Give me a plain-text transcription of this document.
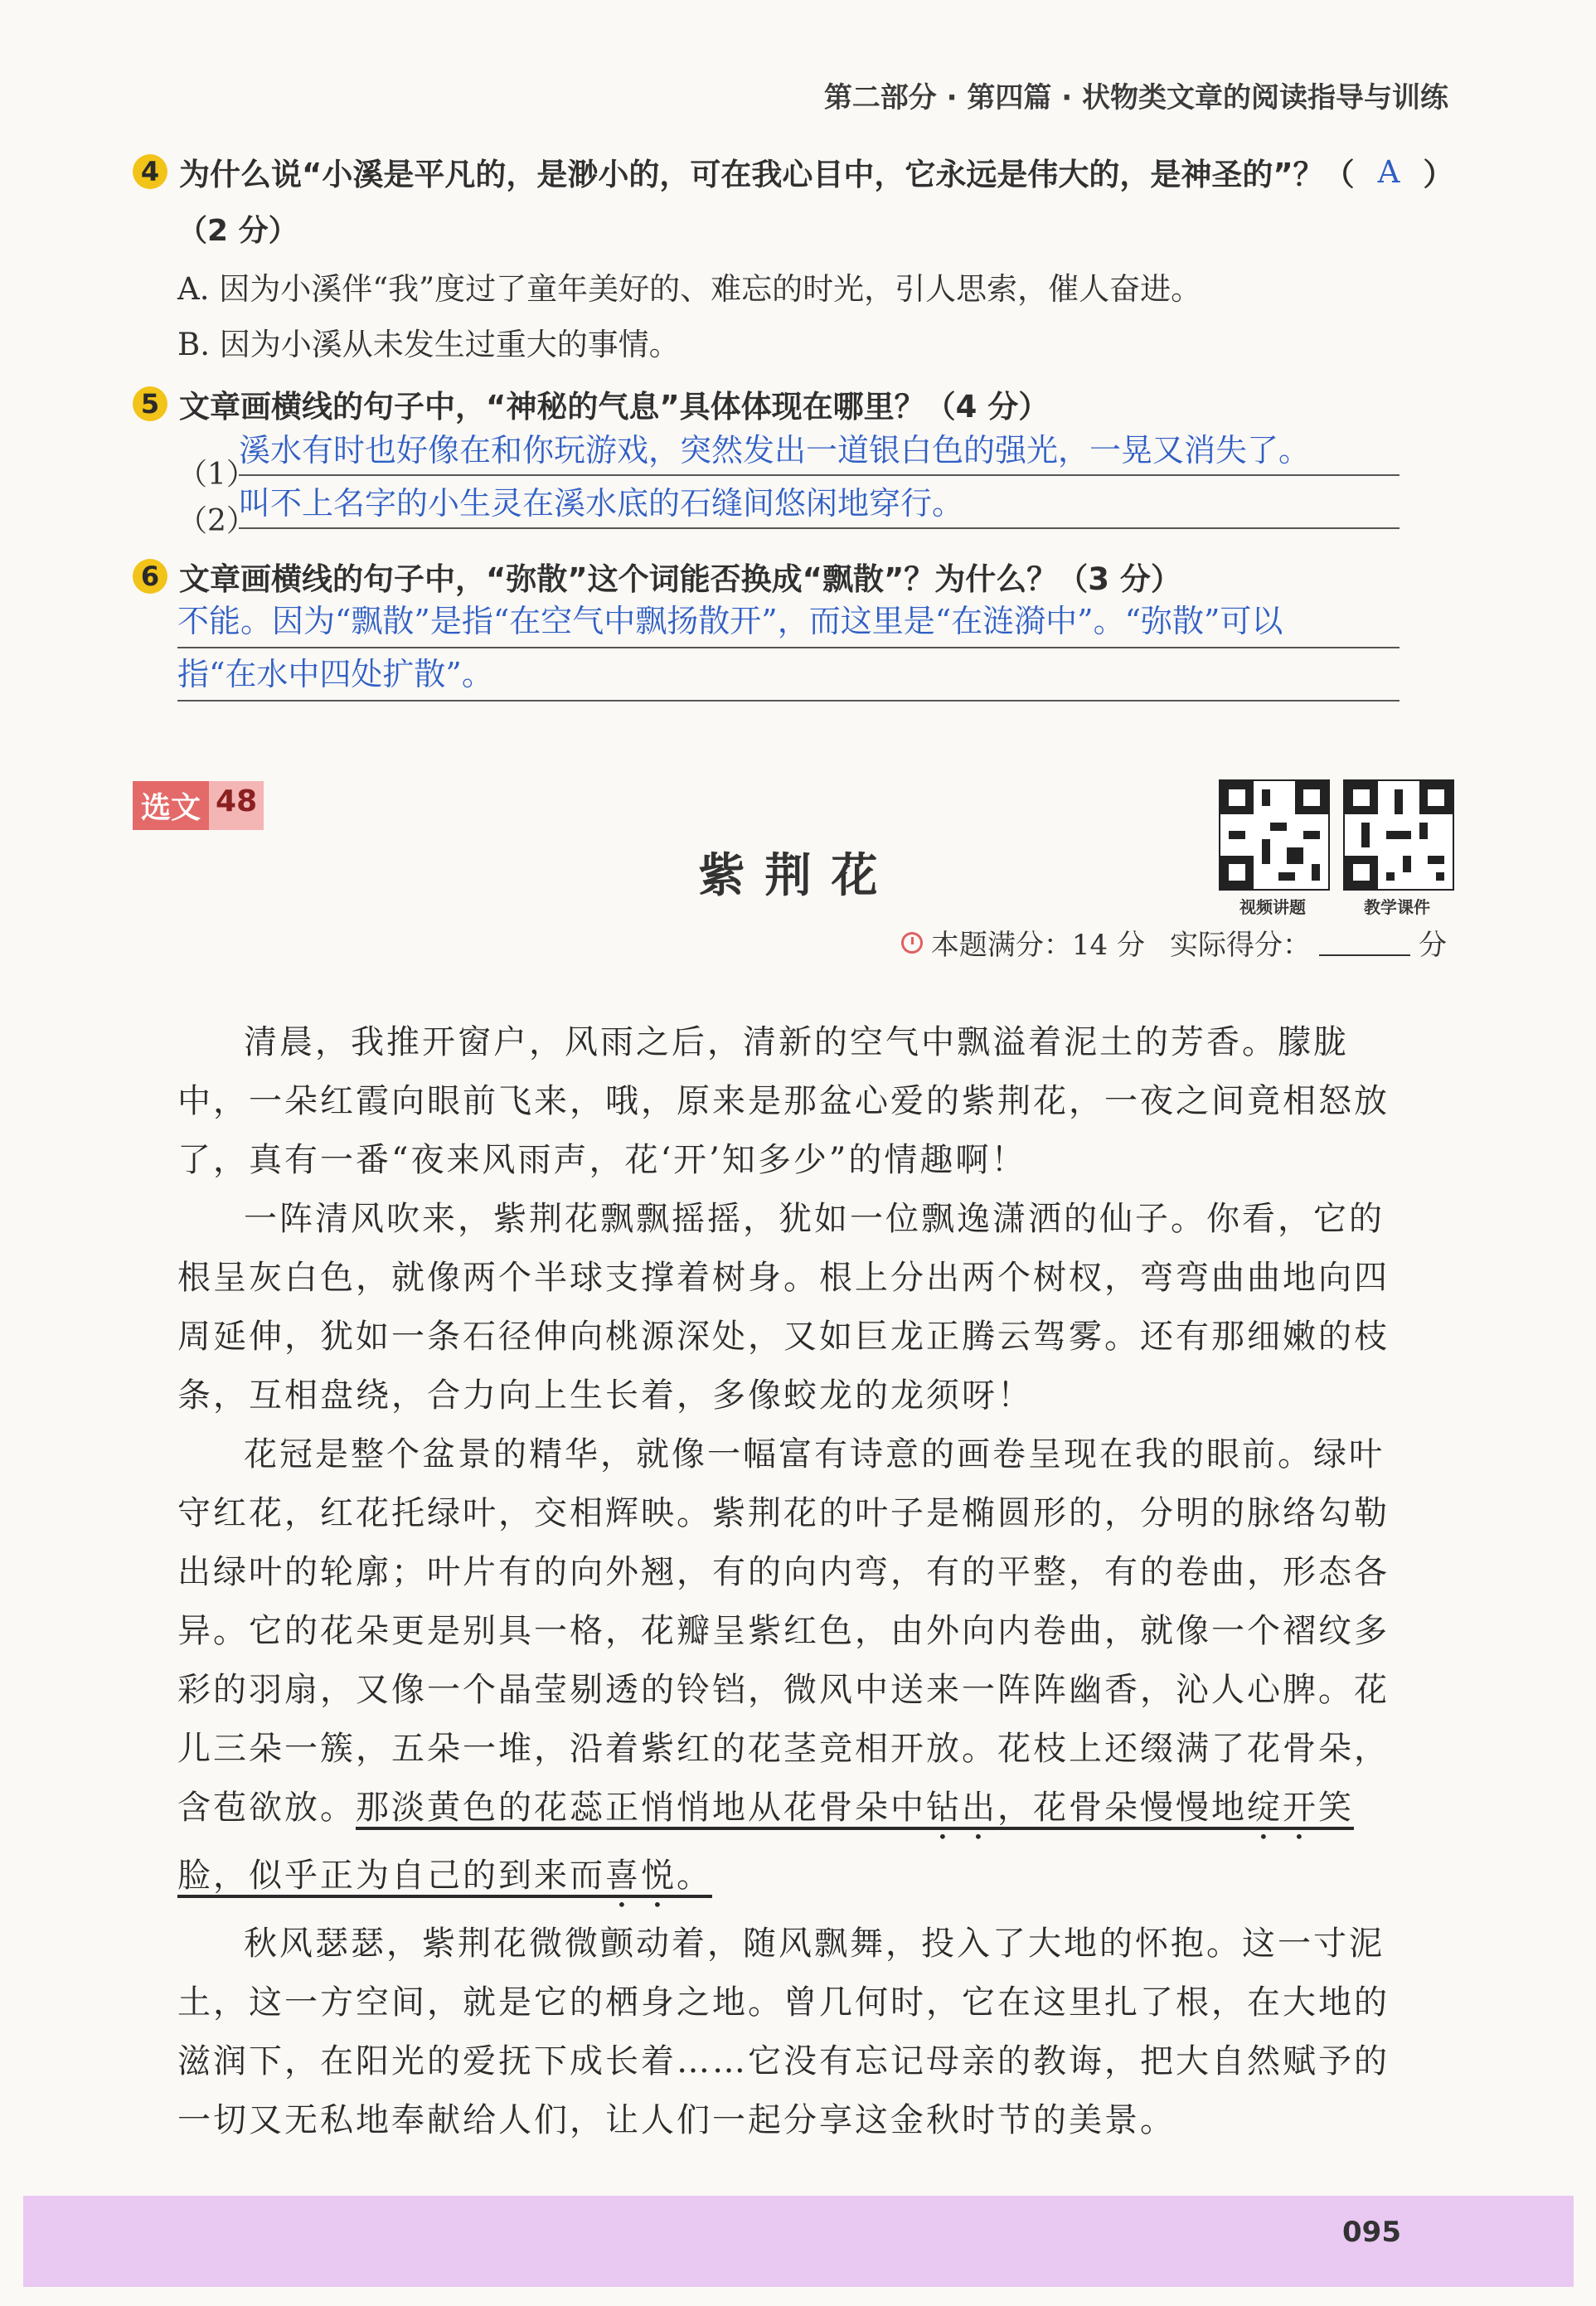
第二部分 · 第四篇 · 状物类文章的阅读指导与训练
4 为什么说“小溪是平凡的，是渺小的，可在我心目中，它永远是伟大的，是神圣的”？（ A ）
（2 分）
A. 因为小溪伴“我”度过了童年美好的、难忘的时光，引人思索，催人奋进。
B. 因为小溪从未发生过重大的事情。
5 文章画横线的句子中，“神秘的气息”具体体现在哪里？（4 分）
（1）
溪水有时也好像在和你玩游戏，突然发出一道银白色的强光，一晃又消失了。
（2）
叫不上名字的小生灵在溪水底的石缝间悠闲地穿行。
6 文章画横线的句子中，“弥散”这个词能否换成“飘散”？为什么？（3 分）
不能。因为“飘散”是指“在空气中飘扬散开”，而这里是“在涟漪中”。“弥散”可以
指“在水中四处扩散”。
选文 48
视频讲题	教学课件
紫荆花
本题满分：14 分 实际得分：	分

清晨，我推开窗户，风雨之后，清新的空气中飘溢着泥土的芳香。朦胧中，一朵红霞向眼前飞来，哦，原来是那盆心爱的紫荆花，一夜之间竟相怒放了，真有一番“夜来风雨声，花‘开’知多少”的情趣啊！

一阵清风吹来，紫荆花飘飘摇摇，犹如一位飘逸潇洒的仙子。你看，它的根呈灰白色，就像两个半球支撑着树身。根上分出两个树杈，弯弯曲曲地向四周延伸，犹如一条石径伸向桃源深处，又如巨龙正腾云驾雾。还有那细嫩的枝条，互相盘绕，合力向上生长着，多像蛟龙的龙须呀！

花冠是整个盆景的精华，就像一幅富有诗意的画卷呈现在我的眼前。绿叶守红花，红花托绿叶，交相辉映。紫荆花的叶子是椭圆形的，分明的脉络勾勒出绿叶的轮廓；叶片有的向外翘，有的向内弯，有的平整，有的卷曲，形态各异。它的花朵更是别具一格，花瓣呈紫红色，由外向内卷曲，就像一个褶纹多彩的羽扇，又像一个晶莹剔透的铃铛，微风中送来一阵阵幽香，沁人心脾。花儿三朵一簇，五朵一堆，沿着紫红的花茎竞相开放。花枝上还缀满了花骨朵，含苞欲放。那淡黄色的花蕊正悄悄地从花骨朵中钻出，花骨朵慢慢地绽开笑脸，似乎正为自己的到来而喜悦。

秋风瑟瑟，紫荆花微微颤动着，随风飘舞，投入了大地的怀抱。这一寸泥土，这一方空间，就是它的栖身之地。曾几何时，它在这里扎了根，在大地的滋润下，在阳光的爱抚下成长着……它没有忘记母亲的教诲，把大自然赋予的一切又无私地奉献给人们，让人们一起分享这金秋时节的美景。

095
